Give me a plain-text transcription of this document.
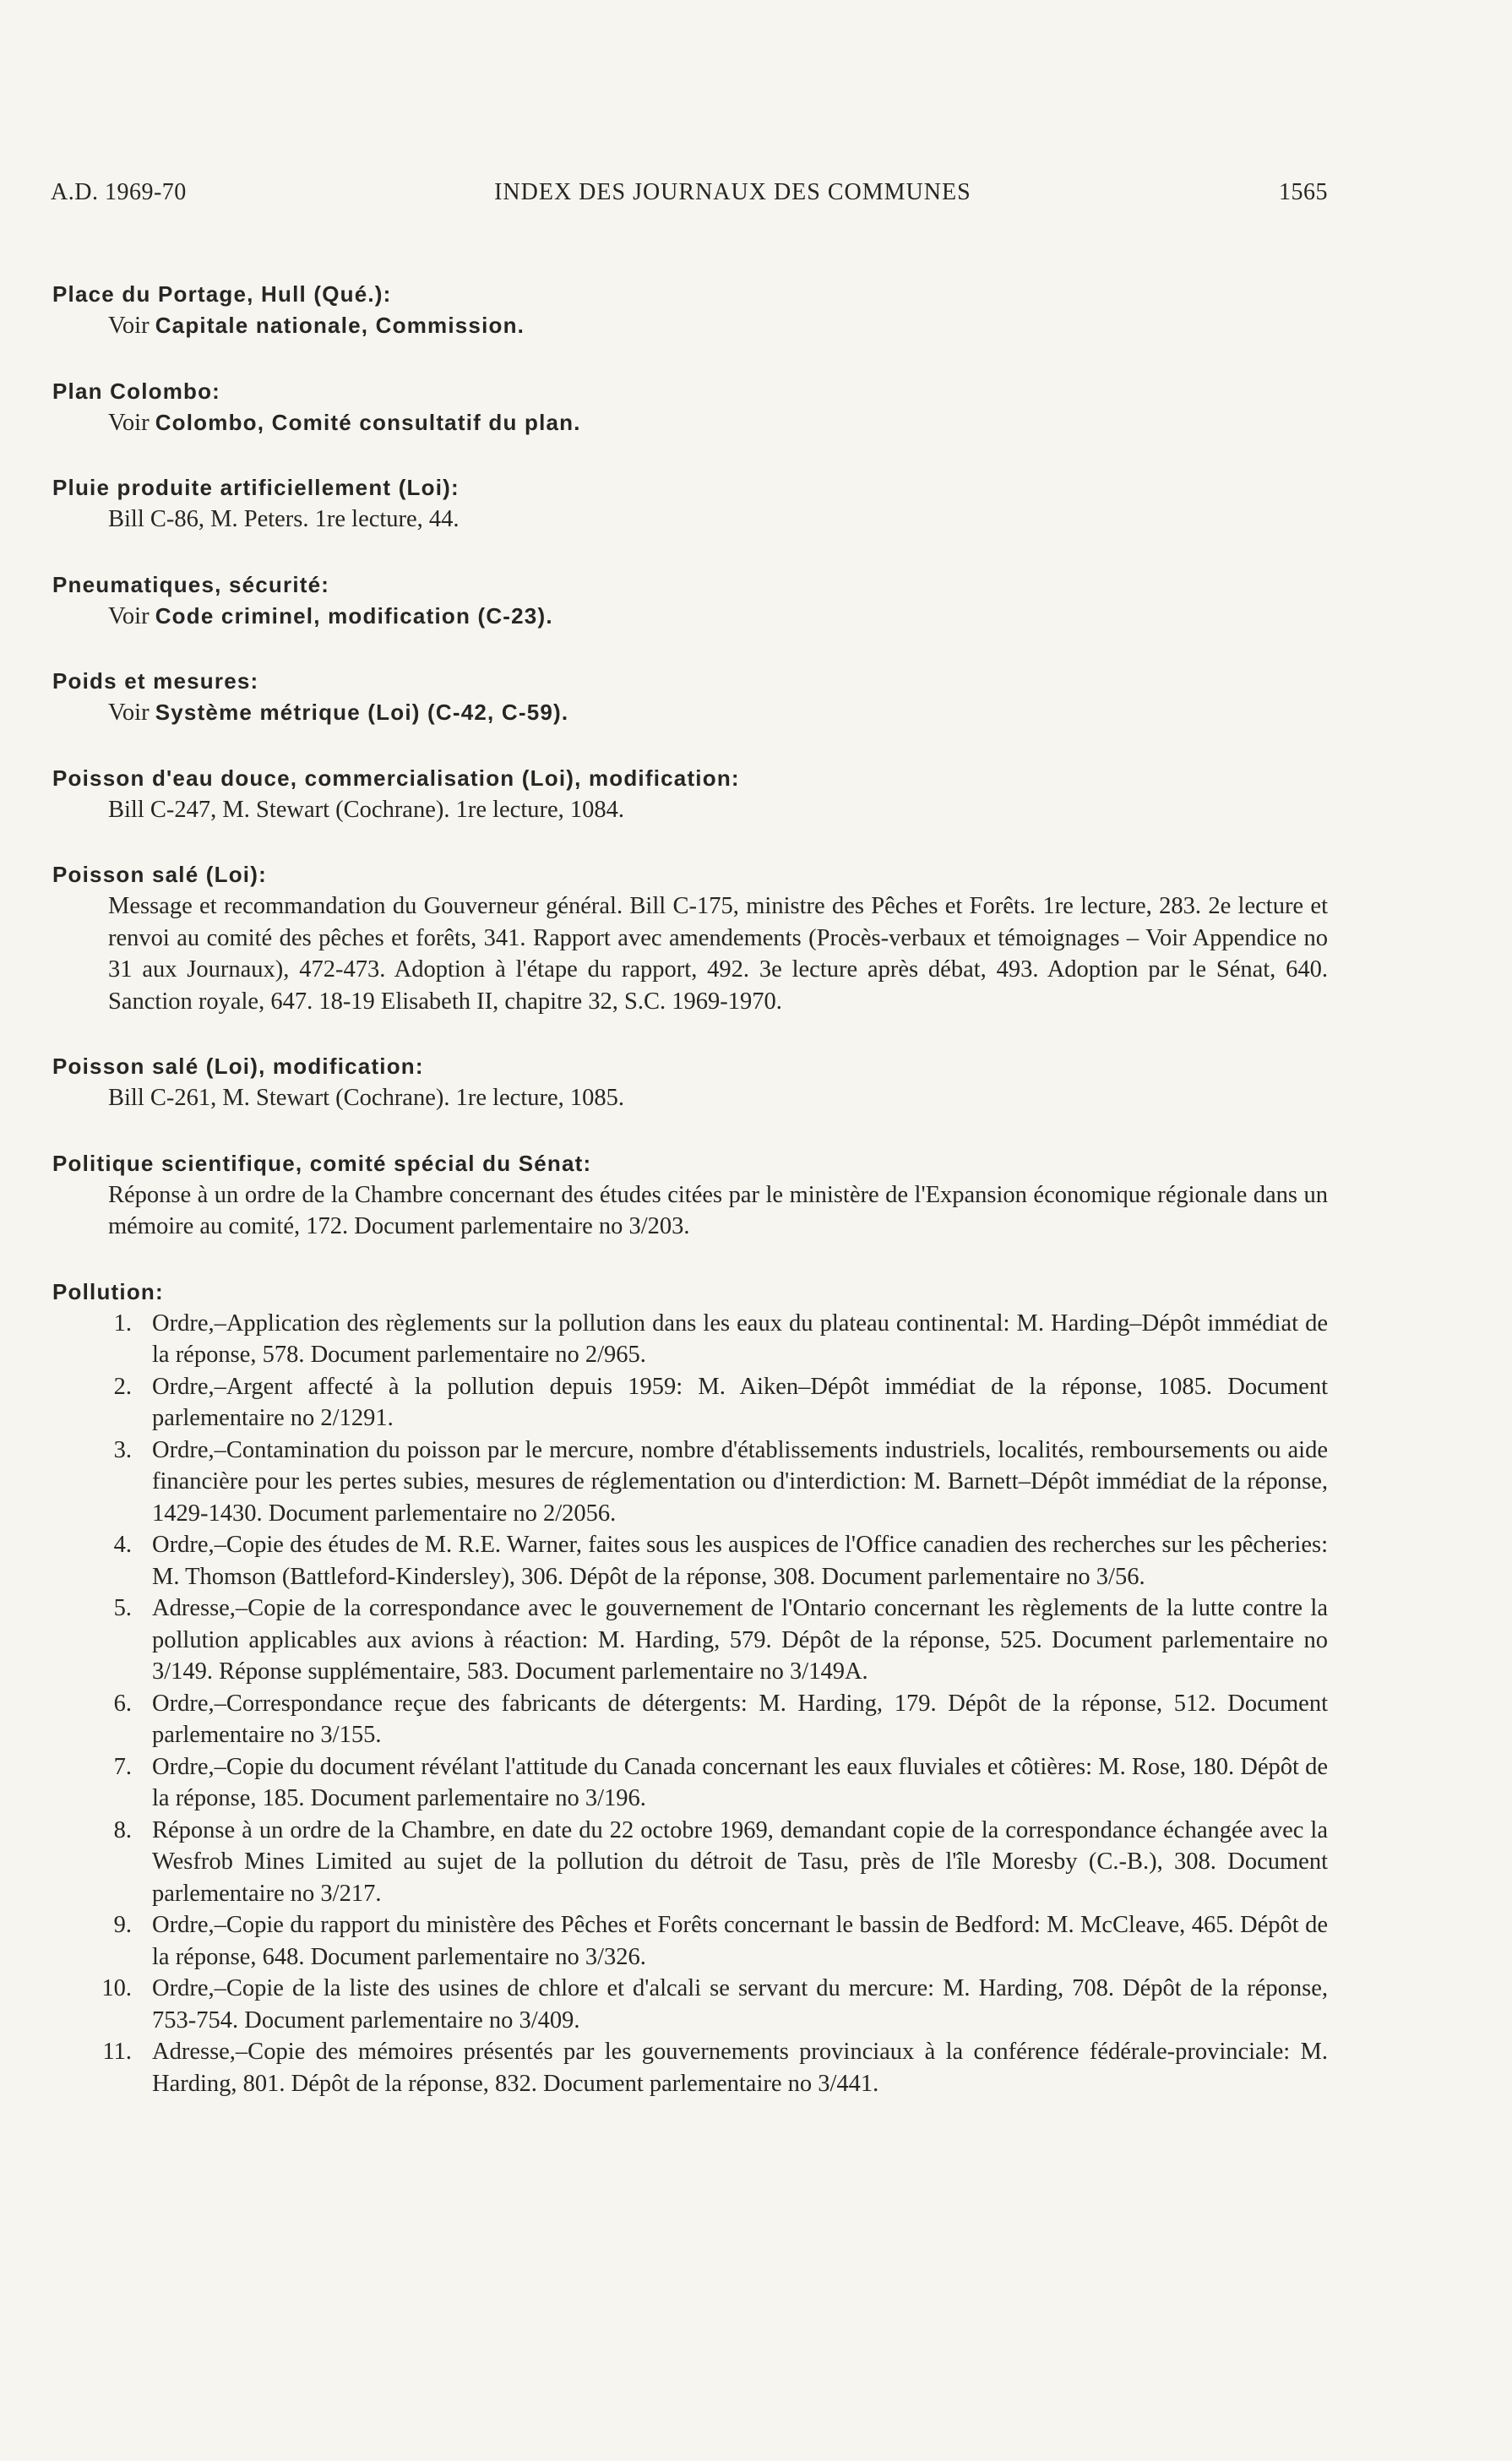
A.D. 1969-70	INDEX DES JOURNAUX DES COMMUNES	1565
Place du Portage, Hull (Qué.):
Voir Capitale nationale, Commission.
Plan Colombo:
Voir Colombo, Comité consultatif du plan.
Pluie produite artificiellement (Loi):
Bill C-86, M. Peters. 1re lecture, 44.
Pneumatiques, sécurité:
Voir Code criminel, modification (C-23).
Poids et mesures:
Voir Système métrique (Loi) (C-42, C-59).
Poisson d'eau douce, commercialisation (Loi), modification:
Bill C-247, M. Stewart (Cochrane). 1re lecture, 1084.
Poisson salé (Loi):
Message et recommandation du Gouverneur général. Bill C-175, ministre des Pêches et Forêts. 1re lecture, 283. 2e lecture et renvoi au comité des pêches et forêts, 341. Rapport avec amendements (Procès-verbaux et témoignages – Voir Appendice no 31 aux Journaux), 472-473. Adoption à l'étape du rapport, 492. 3e lecture après débat, 493. Adoption par le Sénat, 640. Sanction royale, 647. 18-19 Elisabeth II, chapitre 32, S.C. 1969-1970.
Poisson salé (Loi), modification:
Bill C-261, M. Stewart (Cochrane). 1re lecture, 1085.
Politique scientifique, comité spécial du Sénat:
Réponse à un ordre de la Chambre concernant des études citées par le ministère de l'Expansion économique régionale dans un mémoire au comité, 172. Document parlementaire no 3/203.
Pollution:
1. Ordre,–Application des règlements sur la pollution dans les eaux du plateau continental: M. Harding–Dépôt immédiat de la réponse, 578. Document parlementaire no 2/965.
2. Ordre,–Argent affecté à la pollution depuis 1959: M. Aiken–Dépôt immédiat de la réponse, 1085. Document parlementaire no 2/1291.
3. Ordre,–Contamination du poisson par le mercure, nombre d'établissements industriels, localités, remboursements ou aide financière pour les pertes subies, mesures de réglementation ou d'interdiction: M. Barnett–Dépôt immédiat de la réponse, 1429-1430. Document parlementaire no 2/2056.
4. Ordre,–Copie des études de M. R.E. Warner, faites sous les auspices de l'Office canadien des recherches sur les pêcheries: M. Thomson (Battleford-Kindersley), 306. Dépôt de la réponse, 308. Document parlementaire no 3/56.
5. Adresse,–Copie de la correspondance avec le gouvernement de l'Ontario concernant les règlements de la lutte contre la pollution applicables aux avions à réaction: M. Harding, 579. Dépôt de la réponse, 525. Document parlementaire no 3/149. Réponse supplémentaire, 583. Document parlementaire no 3/149A.
6. Ordre,–Correspondance reçue des fabricants de détergents: M. Harding, 179. Dépôt de la réponse, 512. Document parlementaire no 3/155.
7. Ordre,–Copie du document révélant l'attitude du Canada concernant les eaux fluviales et côtières: M. Rose, 180. Dépôt de la réponse, 185. Document parlementaire no 3/196.
8. Réponse à un ordre de la Chambre, en date du 22 octobre 1969, demandant copie de la correspondance échangée avec la Wesfrob Mines Limited au sujet de la pollution du détroit de Tasu, près de l'île Moresby (C.-B.), 308. Document parlementaire no 3/217.
9. Ordre,–Copie du rapport du ministère des Pêches et Forêts concernant le bassin de Bedford: M. McCleave, 465. Dépôt de la réponse, 648. Document parlementaire no 3/326.
10. Ordre,–Copie de la liste des usines de chlore et d'alcali se servant du mercure: M. Harding, 708. Dépôt de la réponse, 753-754. Document parlementaire no 3/409.
11. Adresse,–Copie des mémoires présentés par les gouvernements provinciaux à la conférence fédérale-provinciale: M. Harding, 801. Dépôt de la réponse, 832. Document parlementaire no 3/441.
